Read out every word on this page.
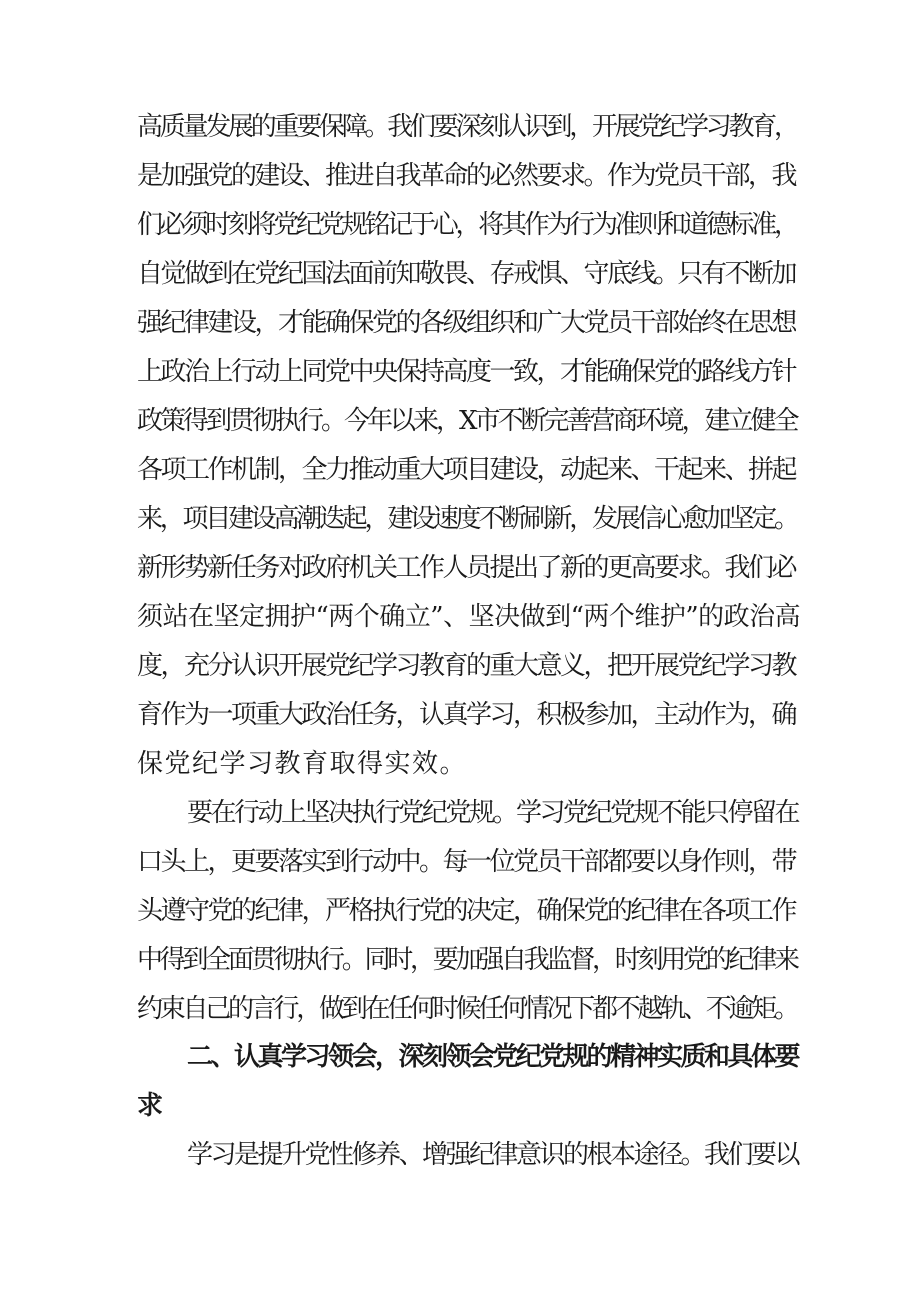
高质量发展的重要保障。我们要深刻认识到，开展党纪学习教育，
是加强党的建设、推进自我革命的必然要求。作为党员干部，我
们必须时刻将党纪党规铭记于心，将其作为行为准则和道德标准，
自觉做到在党纪国法面前知敬畏、存戒惧、守底线。只有不断加
强纪律建设，才能确保党的各级组织和广大党员干部始终在思想
上政治上行动上同党中央保持高度一致，才能确保党的路线方针
政策得到贯彻执行。今年以来，X市不断完善营商环境，建立健全
各项工作机制，全力推动重大项目建设，动起来、干起来、拼起
来，项目建设高潮迭起，建设速度不断刷新，发展信心愈加坚定。
新形势新任务对政府机关工作人员提出了新的更高要求。我们必
须站在坚定拥护“两个确立”、坚决做到“两个维护”的政治高
度，充分认识开展党纪学习教育的重大意义，把开展党纪学习教
育作为一项重大政治任务，认真学习，积极参加，主动作为，确
保党纪学习教育取得实效。
要在行动上坚决执行党纪党规。学习党纪党规不能只停留在
口头上，更要落实到行动中。每一位党员干部都要以身作则，带
头遵守党的纪律，严格执行党的决定，确保党的纪律在各项工作
中得到全面贯彻执行。同时，要加强自我监督，时刻用党的纪律来
约束自己的言行，做到在任何时候任何情况下都不越轨、不逾矩。
二、认真学习领会，深刻领会党纪党规的精神实质和具体要
求
学习是提升党性修养、增强纪律意识的根本途径。我们要以
